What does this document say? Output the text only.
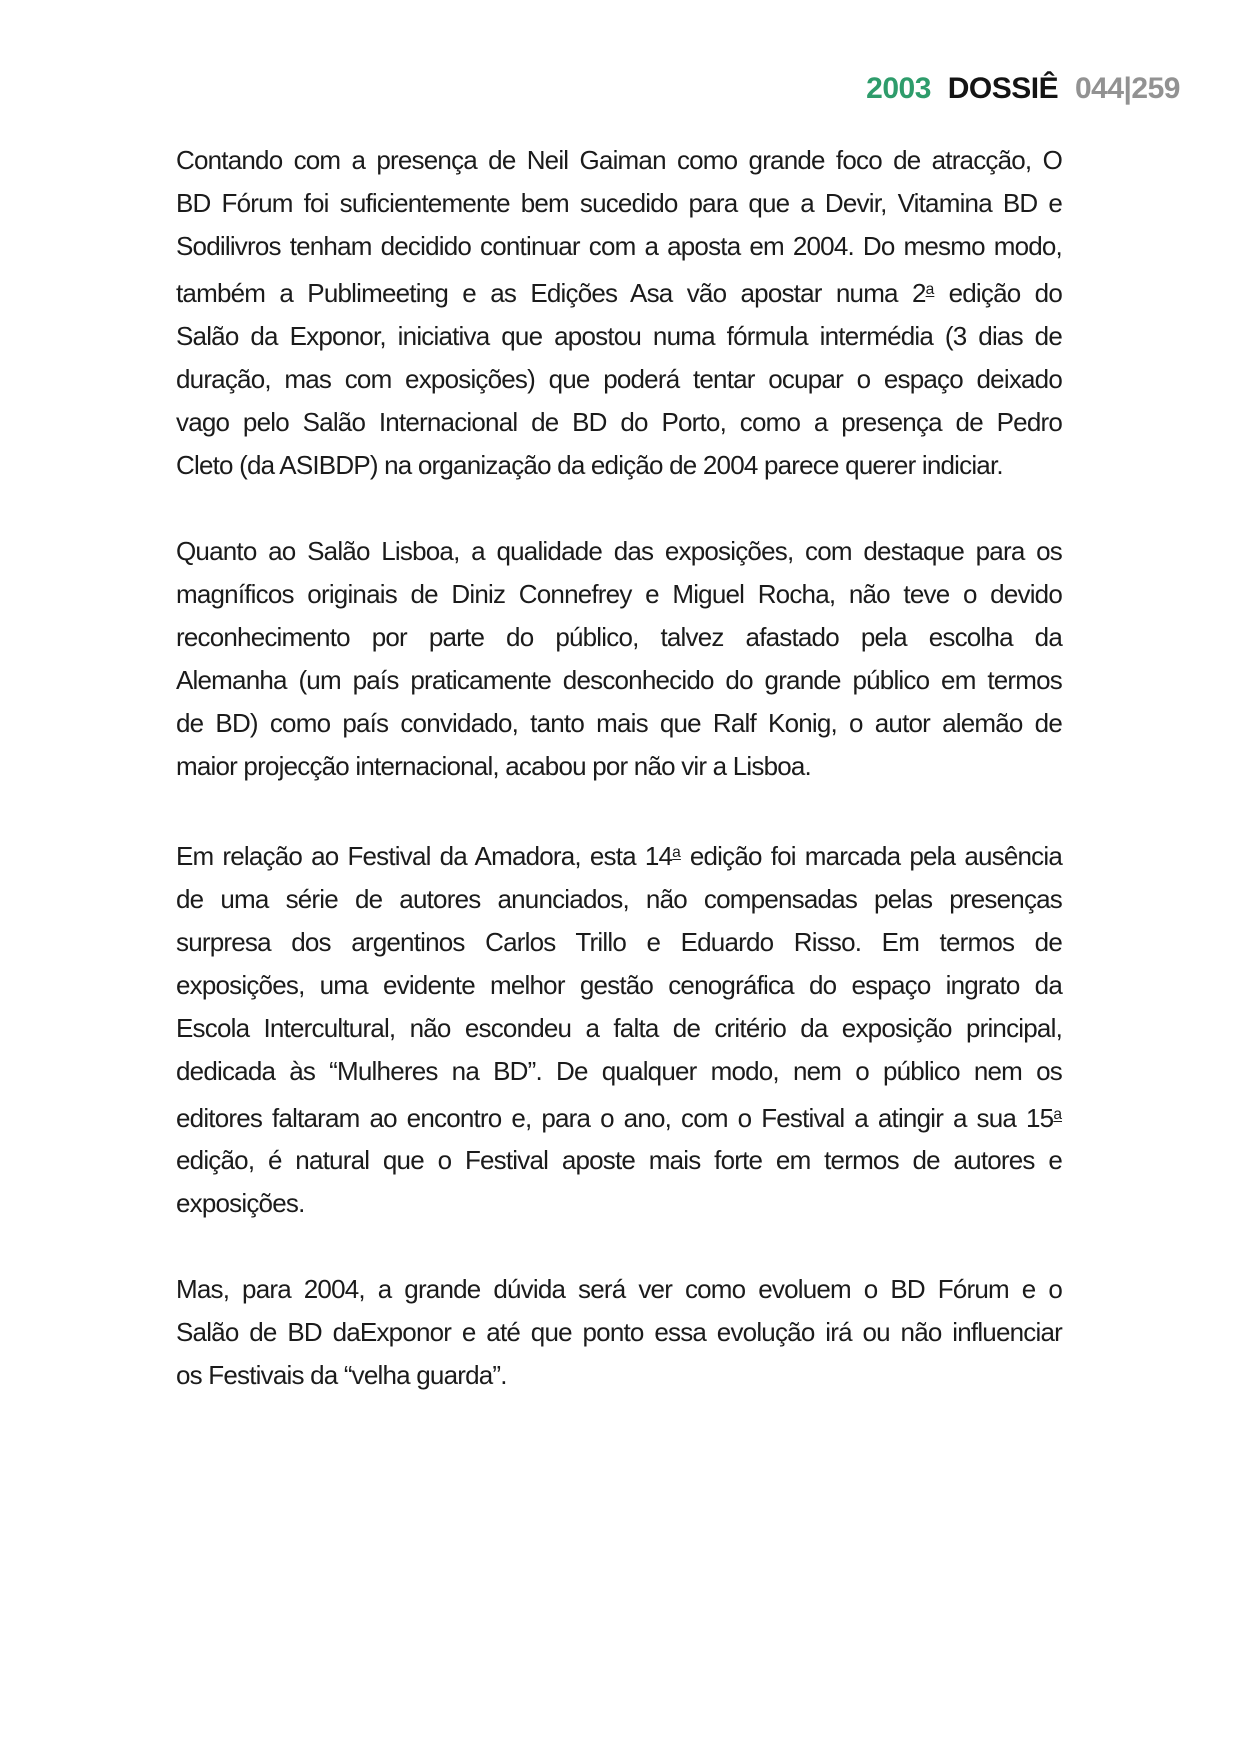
2003 DOSSIÊ 044|259

Contando com a presença de Neil Gaiman como grande foco de atracção, O
BD Fórum foi suficientemente bem sucedido para que a Devir, Vitamina BD e
Sodilivros tenham decidido continuar com a aposta em 2004. Do mesmo modo,
também a Publimeeting e as Edições Asa vão apostar numa 2$^a$ edição do
Salão da Exponor, iniciativa que apostou numa fórmula intermédia (3 dias de
duração, mas com exposições) que poderá tentar ocupar o espaço deixado
vago pelo Salão Internacional de BD do Porto, como a presença de Pedro
Cleto (da ASIBDP) na organização da edição de 2004 parece querer indiciar.

Quanto ao Salão Lisboa, a qualidade das exposições, com destaque para os
magníficos originais de Diniz Connefrey e Miguel Rocha, não teve o devido
reconhecimento por parte do público, talvez afastado pela escolha da
Alemanha (um país praticamente desconhecido do grande público em termos
de BD) como país convidado, tanto mais que Ralf Konig, o autor alemão de
maior projecção internacional, acabou por não vir a Lisboa.

Em relação ao Festival da Amadora, esta 14$^a$ edição foi marcada pela ausência
de uma série de autores anunciados, não compensadas pelas presenças
surpresa dos argentinos Carlos Trillo e Eduardo Risso. Em termos de
exposições, uma evidente melhor gestão cenográfica do espaço ingrato da
Escola Intercultural, não escondeu a falta de critério da exposição principal,
dedicada às “Mulheres na BD”. De qualquer modo, nem o público nem os
editores faltaram ao encontro e, para o ano, com o Festival a atingir a sua 15$^a$
edição, é natural que o Festival aposte mais forte em termos de autores e
exposições.

Mas, para 2004, a grande dúvida será ver como evoluem o BD Fórum e o
Salão de BD daExponor e até que ponto essa evolução irá ou não influenciar
os Festivais da “velha guarda”.
